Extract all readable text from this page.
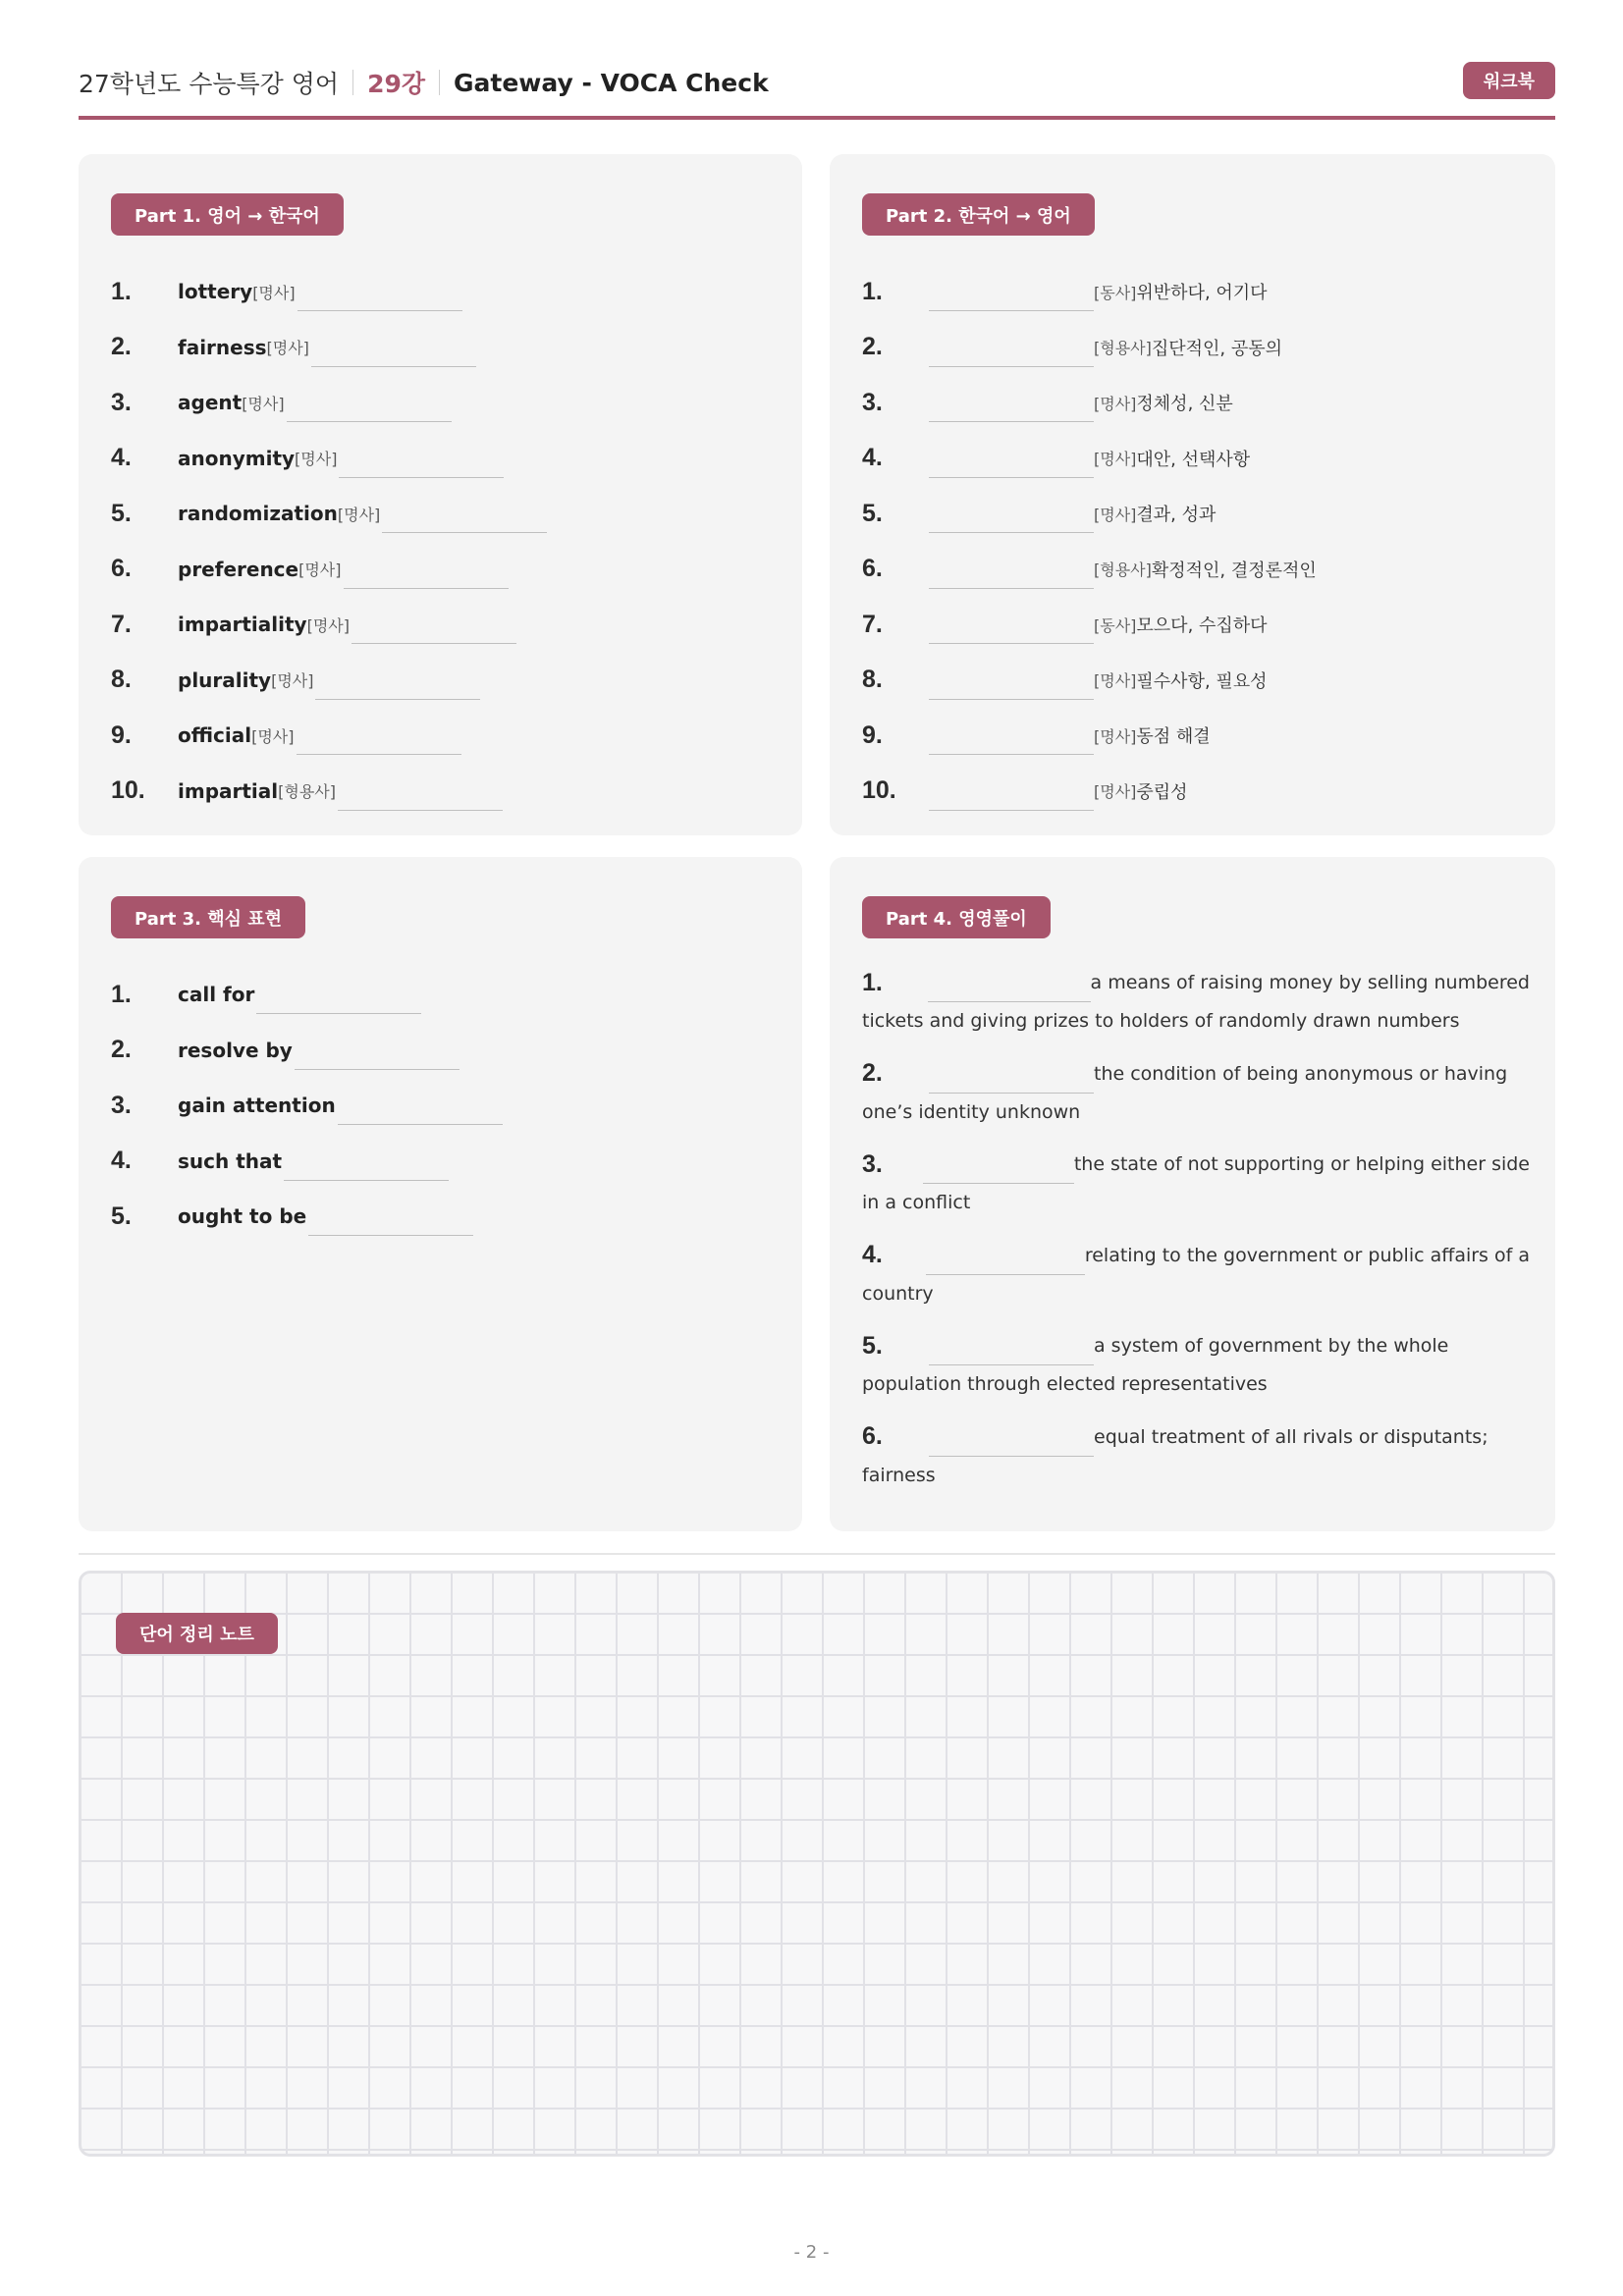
27학년도 수능특강 영어 29강 Gateway - VOCA Check	워크북
Part 1. 영어 → 한국어
1.	lottery [명사]
2.	fairness [명사]
3.	agent [명사]
4.	anonymity [명사]
5.	randomization [명사]
6.	preference [명사]
7.	impartiality [명사]
8.	plurality [명사]
9.	official [명사]
10.	impartial [형용사]
Part 2. 한국어 → 영어
1.	[동사] 위반하다, 어기다
2.	[형용사] 집단적인, 공동의
3.	[명사] 정체성, 신분
4.	[명사] 대안, 선택사항
5.	[명사] 결과, 성과
6.	[형용사] 확정적인, 결정론적인
7.	[동사] 모으다, 수집하다
8.	[명사] 필수사항, 필요성
9.	[명사] 동점 해결
10.	[명사] 중립성
Part 3. 핵심 표현
1.	call for
2.	resolve by
3.	gain attention
4.	such that
5.	ought to be
Part 4. 영영풀이
1.	a means of raising money by selling numbered
tickets and giving prizes to holders of randomly drawn numbers
2.	the condition of being anonymous or having
one’s identity unknown
3.	the state of not supporting or helping either side
in a conflict
4.	relating to the government or public affairs of a
country
5.	a system of government by the whole
population through elected representatives
6.	equal treatment of all rivals or disputants;
fairness
단어 정리 노트
- 2 -
